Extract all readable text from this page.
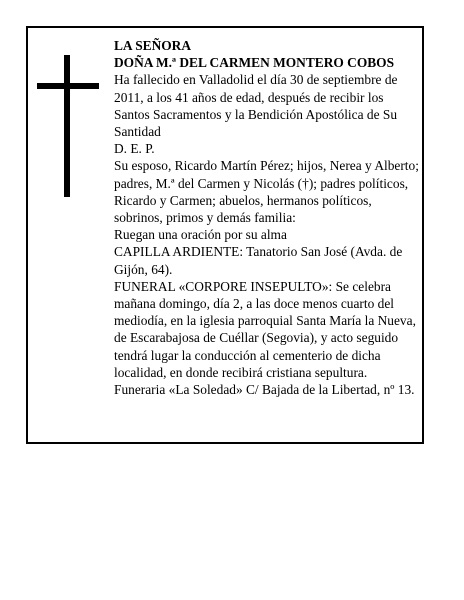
LA SEÑORA

DOÑA M.ª DEL CARMEN MONTERO COBOS

Ha fallecido en Valladolid el día 30 de septiembre de 2011, a los 41 años de edad, después de recibir los Santos Sacramentos y la Bendición Apostólica de Su Santidad

D. E. P.

Su esposo, Ricardo Martín Pérez; hijos, Nerea y Alberto; padres, M.ª del Carmen y Nicolás (†); padres políticos, Ricardo y Carmen; abuelos, hermanos políticos, sobrinos, primos y demás familia:

Ruegan una oración por su alma

CAPILLA ARDIENTE: Tanatorio San José (Avda. de Gijón, 64).

FUNERAL «CORPORE INSEPULTO»: Se celebra mañana domingo, día 2, a las doce menos cuarto del mediodía, en la iglesia parroquial Santa María la Nueva, de Escarabajosa de Cuéllar (Segovia), y acto seguido tendrá lugar la conducción al cementerio de dicha localidad, en donde recibirá cristiana sepultura.

Funeraria «La Soledad» C/ Bajada de la Libertad, nº 13.
